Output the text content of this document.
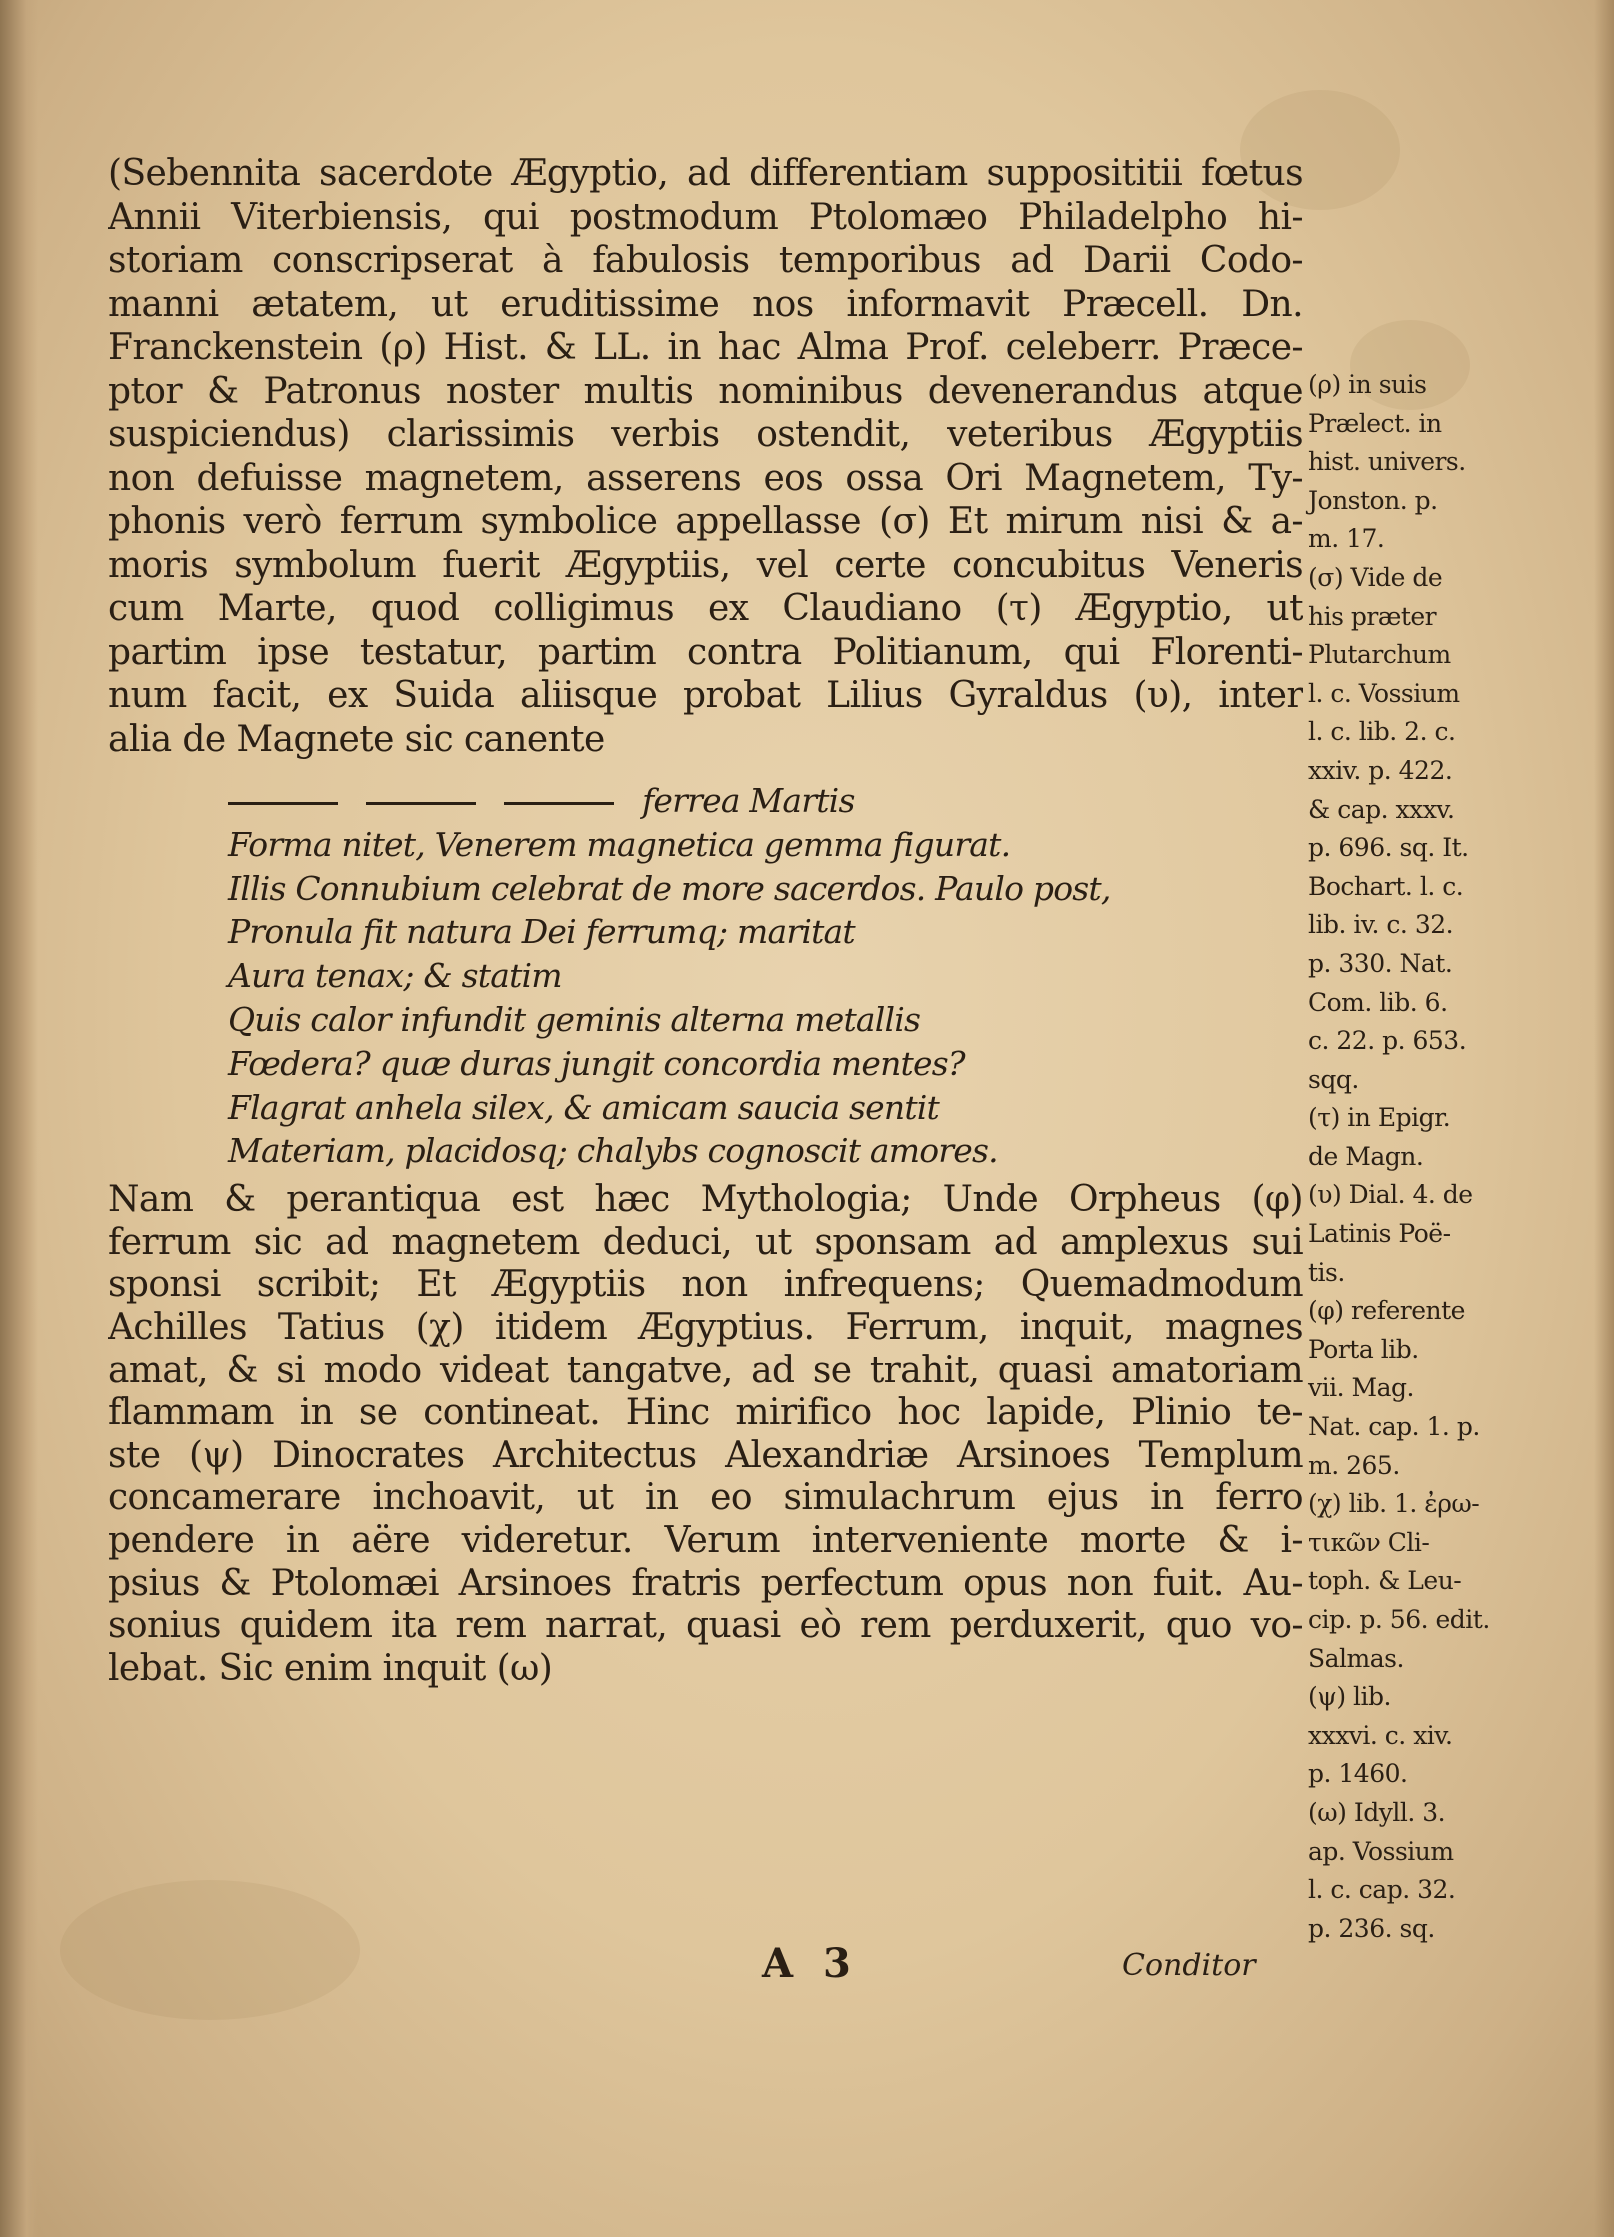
(Sebennita sacerdote Ægyptio, ad differentiam supposititii fœtus
Annii Viterbiensis, qui postmodum Ptolomæo Philadelpho hi-
storiam conscripserat à fabulosis temporibus ad Darii Codo-
manni ætatem, ut eruditissime nos informavit Præcell. Dn.
Franckenstein (ρ) Hist. & LL. in hac Alma Prof. celeberr. Præce-
ptor & Patronus noster multis nominibus devenerandus atque
suspiciendus) clarissimis verbis ostendit, veteribus Ægyptiis
non defuisse magnetem, asserens eos ossa Ori Magnetem, Ty-
phonis verò ferrum symbolice appellasse (σ) Et mirum nisi & a-
moris symbolum fuerit Ægyptiis, vel certe concubitus Veneris
cum Marte, quod colligimus ex Claudiano (τ) Ægyptio, ut
partim ipse testatur, partim contra Politianum, qui Florenti-
num facit, ex Suida aliisque probat Lilius Gyraldus (υ), inter
alia de Magnete sic canente
ferrea Martis
Forma nitet, Venerem magnetica gemma figurat.
Illis Connubium celebrat de more sacerdos. Paulo post,
Pronula fit natura Dei ferrumq; maritat
Aura tenax; & statim
Quis calor infundit geminis alterna metallis
Fœdera? quæ duras jungit concordia mentes?
Flagrat anhela silex, & amicam saucia sentit
Materiam, placidosq; chalybs cognoscit amores.
Nam & perantiqua est hæc Mythologia; Unde Orpheus (φ)
ferrum sic ad magnetem deduci, ut sponsam ad amplexus sui
sponsi scribit; Et Ægyptiis non infrequens; Quemadmodum
Achilles Tatius (χ) itidem Ægyptius. Ferrum, inquit, magnes
amat, & si modo videat tangatve, ad se trahit, quasi amatoriam
flammam in se contineat. Hinc mirifico hoc lapide, Plinio te-
ste (ψ) Dinocrates Architectus Alexandriæ Arsinoes Templum
concamerare inchoavit, ut in eo simulachrum ejus in ferro
pendere in aëre videretur. Verum interveniente morte & i-
psius & Ptolomæi Arsinoes fratris perfectum opus non fuit. Au-
sonius quidem ita rem narrat, quasi eò rem perduxerit, quo vo-
lebat. Sic enim inquit (ω)
(ρ) in suis
Prælect. in
hist. univers.
Jonston. p.
m. 17.
(σ) Vide de
his præter
Plutarchum
l. c. Vossium
l. c. lib. 2. c.
xxiv. p. 422.
& cap. xxxv.
p. 696. sq. It.
Bochart. l. c.
lib. iv. c. 32.
p. 330. Nat.
Com. lib. 6.
c. 22. p. 653.
sqq.
(τ) in Epigr.
de Magn.
(υ) Dial. 4. de
Latinis Poë-
tis.
(φ) referente
Porta lib.
vii. Mag.
Nat. cap. 1. p.
m. 265.
(χ) lib. 1. ἐρω-
τικῶν Cli-
toph. & Leu-
cip. p. 56. edit.
Salmas.
(ψ) lib.
xxxvi. c. xiv.
p. 1460.
(ω) Idyll. 3.
ap. Vossium
l. c. cap. 32.
p. 236. sq.
A 3	Conditor
